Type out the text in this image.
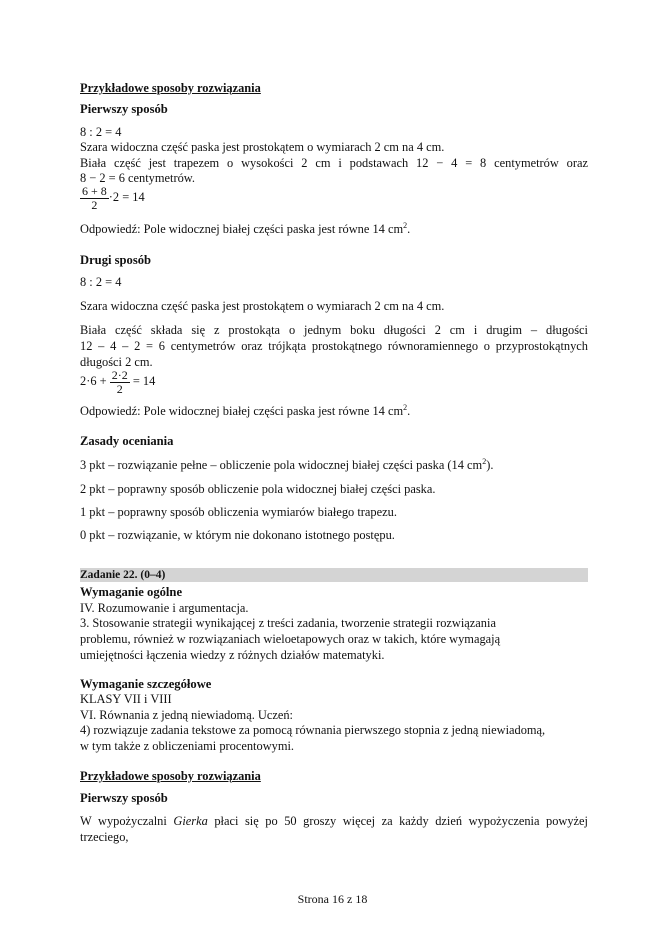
Przykładowe sposoby rozwiązania
Pierwszy sposób
8 : 2 = 4
Szara widoczna część paska jest prostokątem o wymiarach 2 cm na 4 cm.
Biała część jest trapezem o wysokości 2 cm i podstawach 12 − 4 = 8 centymetrów oraz
8 − 2 = 6 centymetrów.
$\frac{6 + 8}{2} \cdot 2 = 14$
Odpowiedź: Pole widocznej białej części paska jest równe 14 $cm^2$.
Drugi sposób
8 : 2 = 4
Szara widoczna część paska jest prostokątem o wymiarach 2 cm na 4 cm.
Biała część składa się z prostokąta o jednym boku długości 2 cm i drugim – długości
12 – 4 – 2 = 6 centymetrów oraz trójkąta prostokątnego równoramiennego o przyprostokątnych
długości 2 cm.
$2\cdot 6 + \frac{2\cdot 2}{2} = 14$
Odpowiedź: Pole widocznej białej części paska jest równe 14 $cm^2$.
Zasady oceniania
3 pkt – rozwiązanie pełne – obliczenie pola widocznej białej części paska (14 $cm^2$).
2 pkt – poprawny sposób obliczenie pola widocznej białej części paska.
1 pkt – poprawny sposób obliczenia wymiarów białego trapezu.
0 pkt – rozwiązanie, w którym nie dokonano istotnego postępu.
Zadanie 22. (0–4)
Wymaganie ogólne
IV. Rozumowanie i argumentacja.
3. Stosowanie strategii wynikającej z treści zadania, tworzenie strategii rozwiązania
problemu, również w rozwiązaniach wieloetapowych oraz w takich, które wymagają
umiejętności łączenia wiedzy z różnych działów matematyki.
Wymaganie szczegółowe
KLASY VII i VIII
VI. Równania z jedną niewiadomą. Uczeń:
4) rozwiązuje zadania tekstowe za pomocą równania pierwszego stopnia z jedną niewiadomą,
w tym także z obliczeniami procentowymi.
Przykładowe sposoby rozwiązania
Pierwszy sposób
W wypożyczalni Gierka płaci się po 50 groszy więcej za każdy dzień wypożyczenia powyżej
trzeciego,
Strona 16 z 18
